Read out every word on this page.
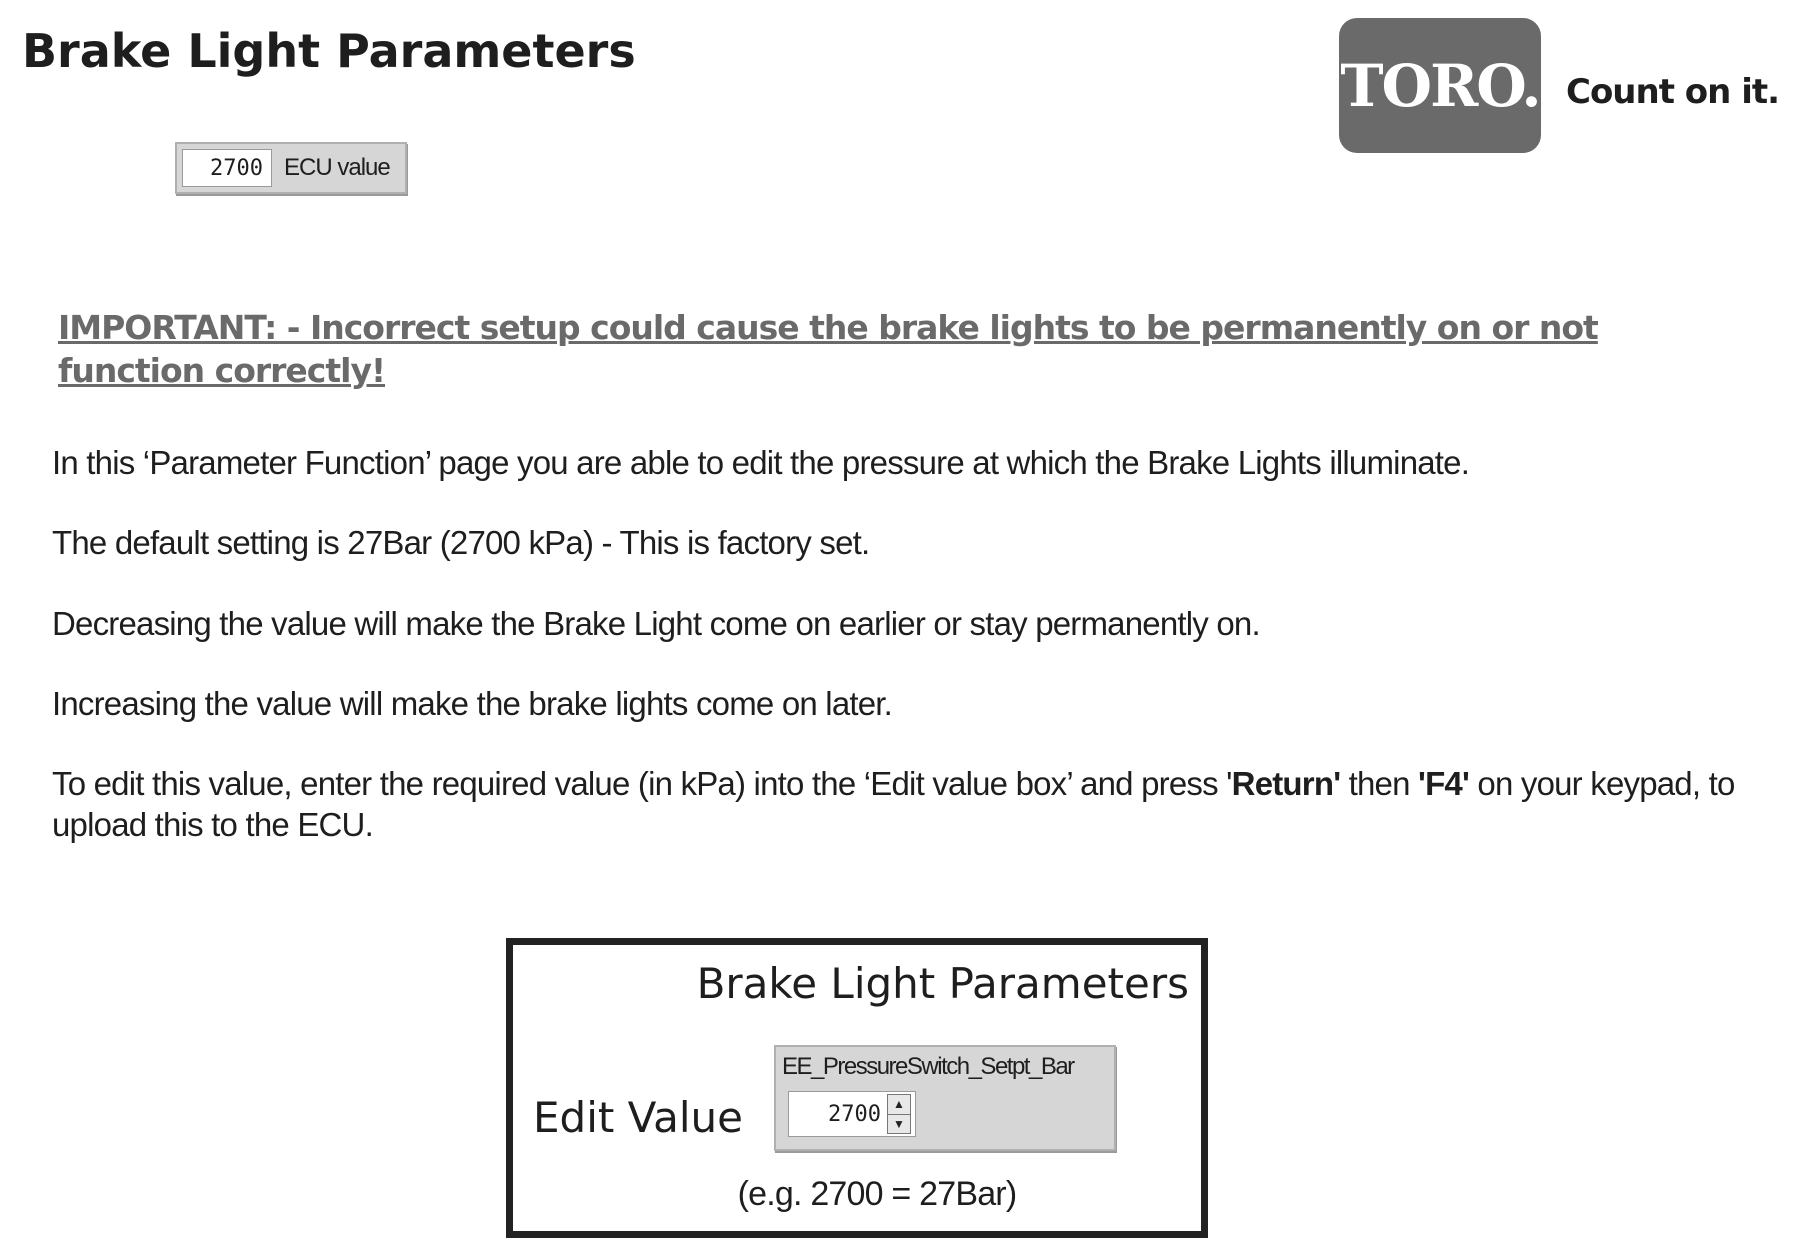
Brake Light Parameters
2700 ECU value
TORO. Count on it.
IMPORTANT: - Incorrect setup could cause the brake lights to be permanently on or not function correctly!
In this ‘Parameter Function’ page you are able to edit the pressure at which the Brake Lights illuminate.
The default setting is 27Bar (2700 kPa) - This is factory set.
Decreasing the value will make the Brake Light come on earlier or stay permanently on.
Increasing the value will make the brake lights come on later.
To edit this value, enter the required value (in kPa) into the ‘Edit value box’ and press 'Return' then 'F4' on your keypad, to upload this to the ECU.
Brake Light Parameters
Edit Value
EE_PressureSwitch_Setpt_Bar
2700	▲
▼
(e.g. 2700 = 27Bar)
